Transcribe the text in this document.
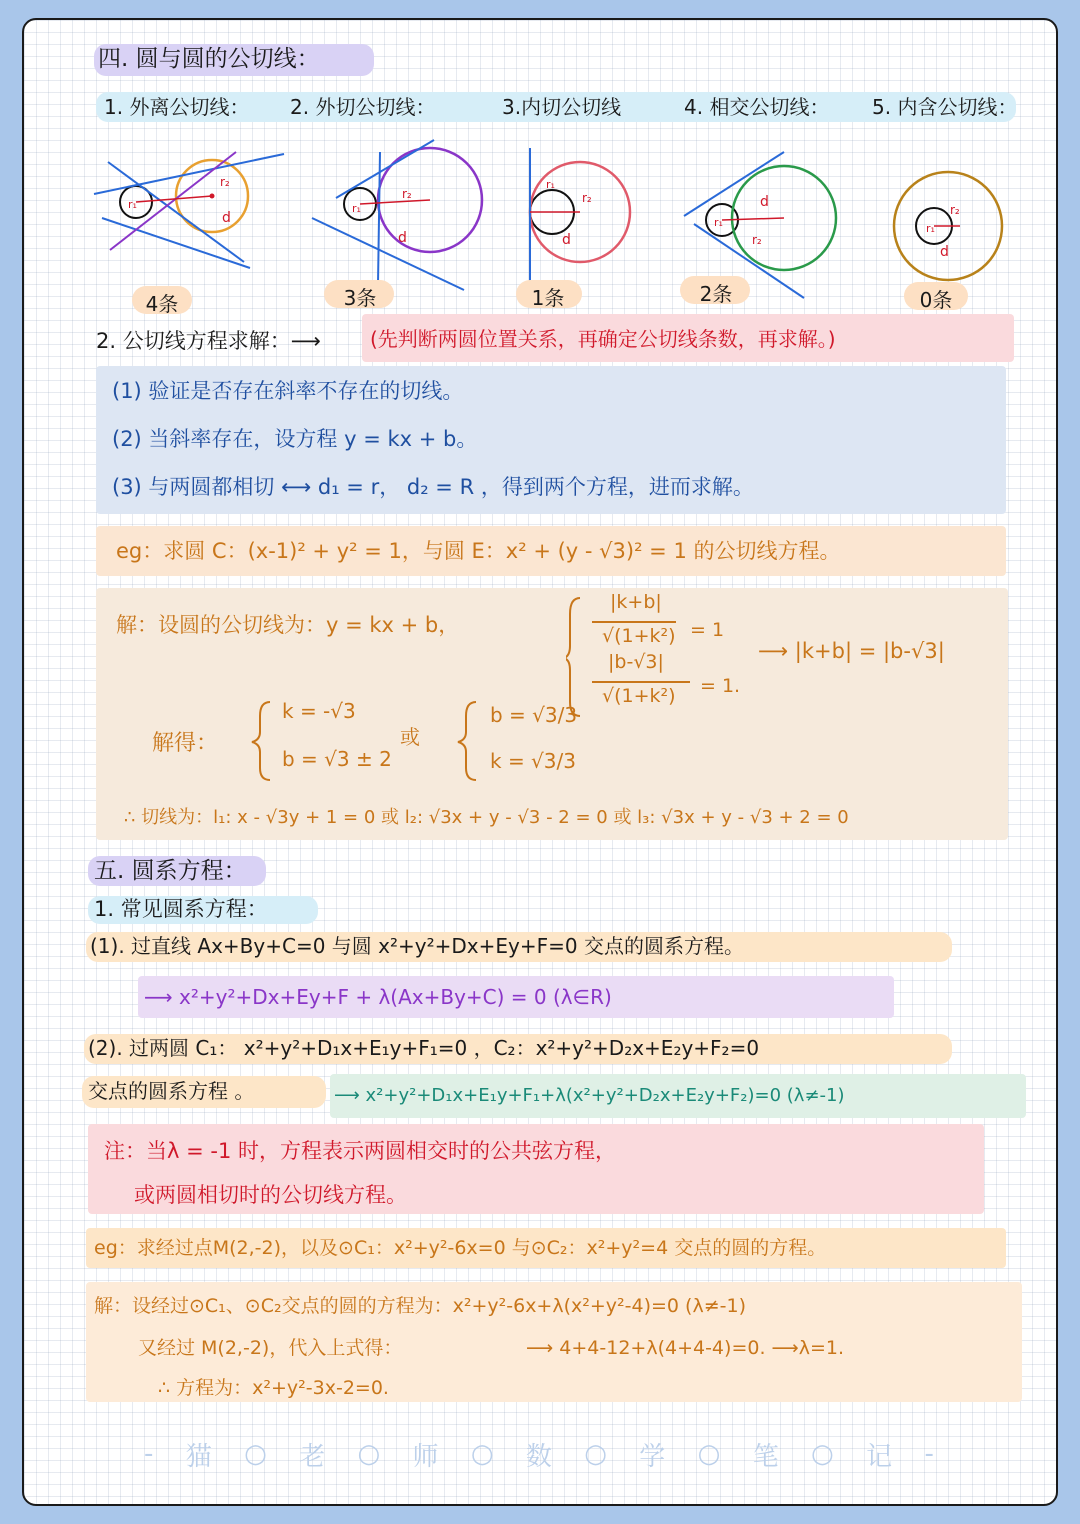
四. 圆与圆的公切线：
1. 外离公切线： 2. 外切公切线：	3.内切公切线	4. 相交公切线： 5. 内含公切线：
r₁
r₂
d
r₁
r₂
d
r₁
r₂
d
r₁
d
r₂
r₁
r₂
d
4条	3条	1条	2条	0条
2. 公切线方程求解：⟶ (先判断两圆位置关系，再确定公切线条数，再求解。)
(1) 验证是否存在斜率不存在的切线。
(2) 当斜率存在，设方程 y = kx + b。
(3) 与两圆都相切 ⟷ d₁ = r， d₂ = R ，得到两个方程，进而求解。
eg：求圆 C：(x-1)² + y² = 1，与圆 E：x² + (y - √3)² = 1 的公切线方程。
解：设圆的公切线为：y = kx + b，
|k+b|
√(1+k²) = 1
|b-√3|
√(1+k²) = 1.
⟶ |k+b| = |b-√3|
解得：
k = -√3
b = √3 ± 2
或
b = √3/3
k = √3/3
∴ 切线为：l₁: x - √3y + 1 = 0 或 l₂: √3x + y - √3 - 2 = 0 或 l₃: √3x + y - √3 + 2 = 0
五. 圆系方程：
1. 常见圆系方程：
(1). 过直线 Ax+By+C=0 与圆 x²+y²+Dx+Ey+F=0 交点的圆系方程。
⟶ x²+y²+Dx+Ey+F + λ(Ax+By+C) = 0 (λ∈R)
(2). 过两圆 C₁： x²+y²+D₁x+E₁y+F₁=0 ，C₂：x²+y²+D₂x+E₂y+F₂=0
交点的圆系方程 。	⟶ x²+y²+D₁x+E₁y+F₁+λ(x²+y²+D₂x+E₂y+F₂)=0 (λ≠-1)
注：当λ = -1 时，方程表示两圆相交时的公共弦方程，
或两圆相切时的公切线方程。
eg：求经过点M(2,-2)，以及⊙C₁：x²+y²-6x=0 与⊙C₂：x²+y²=4 交点的圆的方程。
解：设经过⊙C₁、⊙C₂交点的圆的方程为：x²+y²-6x+λ(x²+y²-4)=0 (λ≠-1)
又经过 M(2,-2)，代入上式得：	⟶ 4+4-12+λ(4+4-4)=0. ⟶λ=1.
∴ 方程为：x²+y²-3x-2=0.
- 猫 ○ 老 ○ 师 ○ 数 ○ 学 ○ 笔 ○ 记 -
